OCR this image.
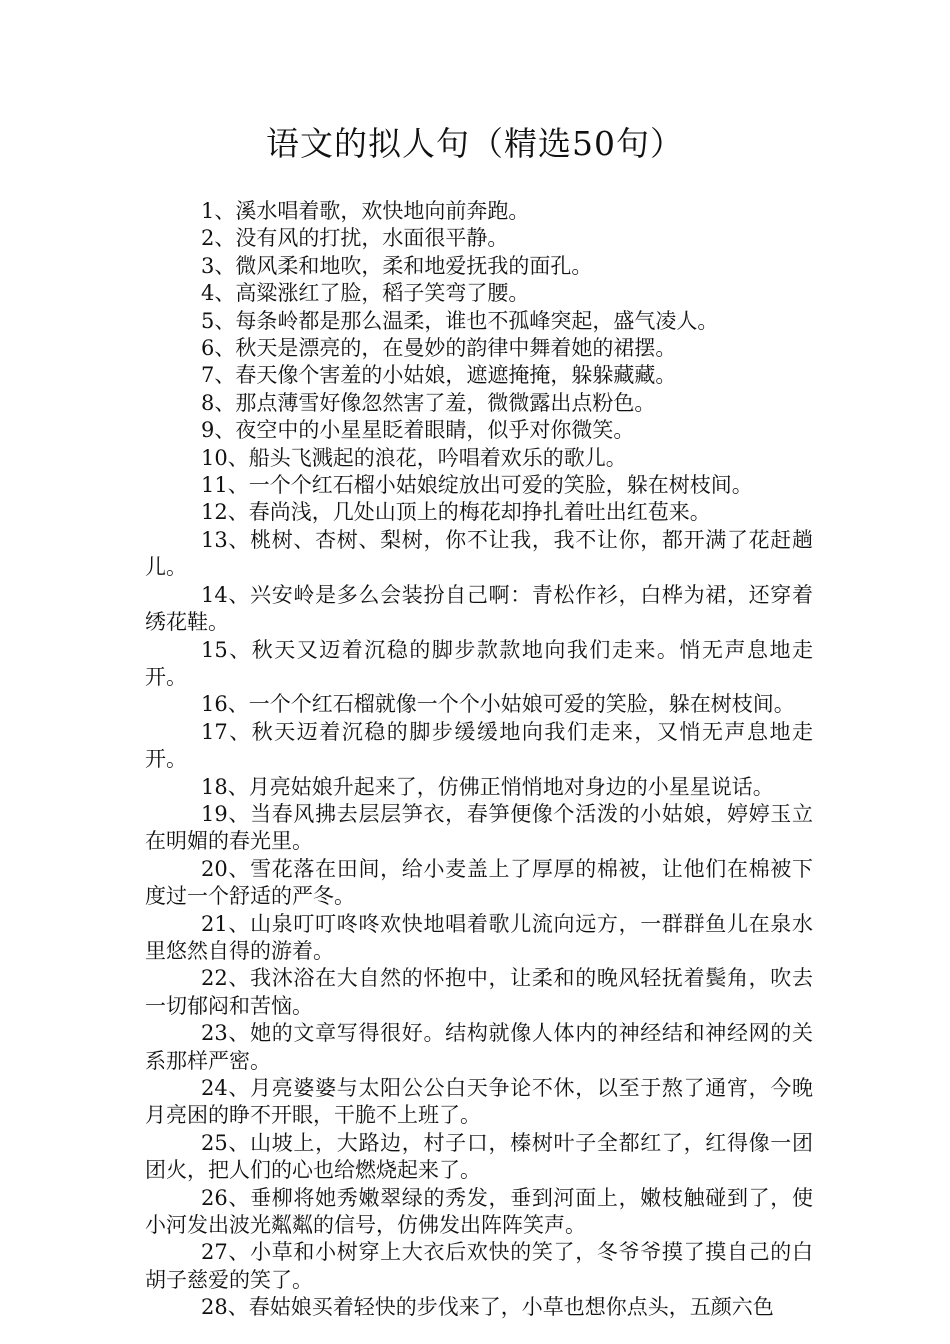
语文的拟人句（精选50句）

1、溪水唱着歌，欢快地向前奔跑。

2、没有风的打扰，水面很平静。

3、微风柔和地吹，柔和地爱抚我的面孔。

4、高粱涨红了脸，稻子笑弯了腰。

5、每条岭都是那么温柔，谁也不孤峰突起，盛气凌人。

6、秋天是漂亮的，在曼妙的韵律中舞着她的裙摆。

7、春天像个害羞的小姑娘，遮遮掩掩，躲躲藏藏。

8、那点薄雪好像忽然害了羞，微微露出点粉色。

9、夜空中的小星星眨着眼睛，似乎对你微笑。

10、船头飞溅起的浪花，吟唱着欢乐的歌儿。

11、一个个红石榴小姑娘绽放出可爱的笑脸，躲在树枝间。

12、春尚浅，几处山顶上的梅花却挣扎着吐出红苞来。

13、桃树、杏树、梨树，你不让我，我不让你，都开满了花赶趟儿。

14、兴安岭是多么会装扮自己啊：青松作衫，白桦为裙，还穿着绣花鞋。

15、秋天又迈着沉稳的脚步款款地向我们走来。悄无声息地走开。

16、一个个红石榴就像一个个小姑娘可爱的笑脸，躲在树枝间。

17、秋天迈着沉稳的脚步缓缓地向我们走来，又悄无声息地走开。

18、月亮姑娘升起来了，仿佛正悄悄地对身边的小星星说话。

19、当春风拂去层层笋衣，春笋便像个活泼的小姑娘，婷婷玉立在明媚的春光里。

20、雪花落在田间，给小麦盖上了厚厚的棉被，让他们在棉被下度过一个舒适的严冬。

21、山泉叮叮咚咚欢快地唱着歌儿流向远方，一群群鱼儿在泉水里悠然自得的游着。

22、我沐浴在大自然的怀抱中，让柔和的晚风轻抚着鬓角，吹去一切郁闷和苦恼。

23、她的文章写得很好。结构就像人体内的神经结和神经网的关系那样严密。

24、月亮婆婆与太阳公公白天争论不休，以至于熬了通宵，今晚月亮困的睁不开眼，干脆不上班了。

25、山坡上，大路边，村子口，榛树叶子全都红了，红得像一团团火，把人们的心也给燃烧起来了。

26、垂柳将她秀嫩翠绿的秀发，垂到河面上，嫩枝触碰到了，使小河发出波光粼粼的信号，仿佛发出阵阵笑声。

27、小草和小树穿上大衣后欢快的笑了，冬爷爷摸了摸自己的白胡子慈爱的笑了。

28、春姑娘买着轻快的步伐来了，小草也想你点头，五颜六色
